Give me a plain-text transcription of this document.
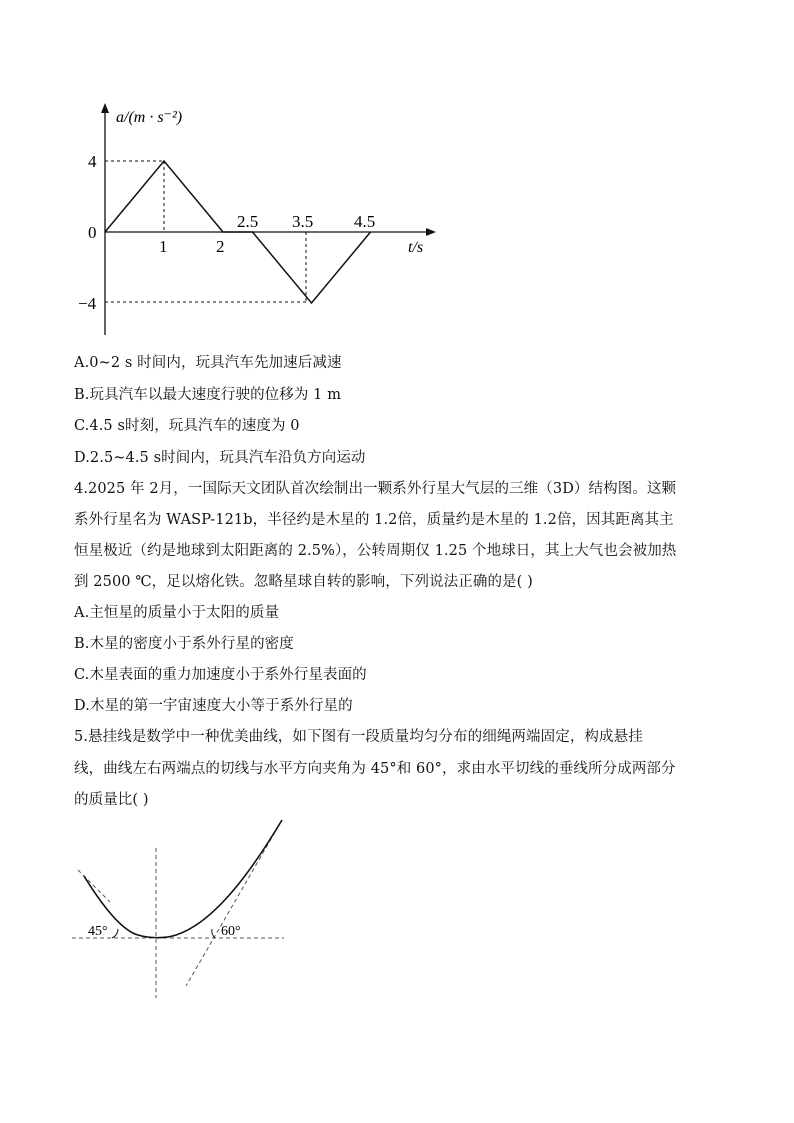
a/(m · s⁻²)
4
0
−4
1	2
2.5 3.5 4.5
t/s
A.0~2 s 时间内，玩具汽车先加速后减速
B.玩具汽车以最大速度行驶的位移为 1 m
C.4.5 s时刻，玩具汽车的速度为 0
D.2.5~4.5 s时间内，玩具汽车沿负方向运动
4.2025 年 2月，一国际天文团队首次绘制出一颗系外行星大气层的三维（3D）结构图。这颗
系外行星名为 WASP-121b，半径约是木星的 1.2倍，质量约是木星的 1.2倍，因其距离其主
恒星极近（约是地球到太阳距离的 2.5%），公转周期仅 1.25 个地球日，其上大气也会被加热
到 2500 ℃，足以熔化铁。忽略星球自转的影响，下列说法正确的是( )
A.主恒星的质量小于太阳的质量
B.木星的密度小于系外行星的密度
C.木星表面的重力加速度小于系外行星表面的
D.木星的第一宇宙速度大小等于系外行星的
5.悬挂线是数学中一种优美曲线，如下图有一段质量均匀分布的细绳两端固定，构成悬挂
线，曲线左右两端点的切线与水平方向夹角为 45°和 60°，求由水平切线的垂线所分成两部分
的质量比( )
45°	60°
